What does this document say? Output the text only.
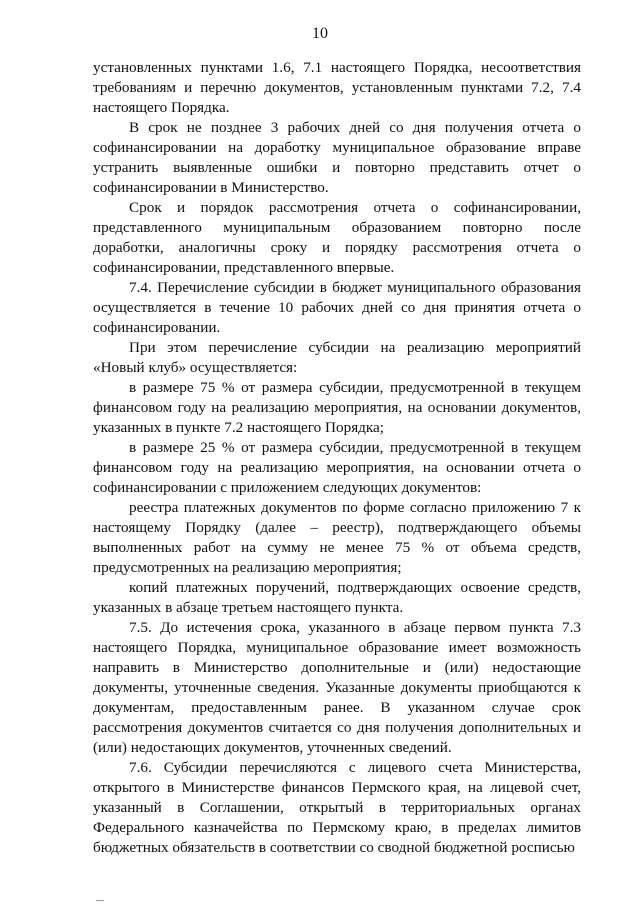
10

установленных пунктами 1.6, 7.1 настоящего Порядка, несоответствия требованиям и перечню документов, установленным пунктами 7.2, 7.4 настоящего Порядка.

В срок не позднее 3 рабочих дней со дня получения отчета о софинансировании на доработку муниципальное образование вправе устранить выявленные ошибки и повторно представить отчет о софинансировании в Министерство.

Срок и порядок рассмотрения отчета о софинансировании, представленного муниципальным образованием повторно после доработки, аналогичны сроку и порядку рассмотрения отчета о софинансировании, представленного впервые.

7.4. Перечисление субсидии в бюджет муниципального образования осуществляется в течение 10 рабочих дней со дня принятия отчета о софинансировании.

При этом перечисление субсидии на реализацию мероприятий «Новый клуб» осуществляется:

в размере 75 % от размера субсидии, предусмотренной в текущем финансовом году на реализацию мероприятия, на основании документов, указанных в пункте 7.2 настоящего Порядка;

в размере 25 % от размера субсидии, предусмотренной в текущем финансовом году на реализацию мероприятия, на основании отчета о софинансировании с приложением следующих документов:

реестра платежных документов по форме согласно приложению 7 к настоящему Порядку (далее – реестр), подтверждающего объемы выполненных работ на сумму не менее 75 % от объема средств, предусмотренных на реализацию мероприятия;

копий платежных поручений, подтверждающих освоение средств, указанных в абзаце третьем настоящего пункта.

7.5. До истечения срока, указанного в абзаце первом пункта 7.3 настоящего Порядка, муниципальное образование имеет возможность направить в Министерство дополнительные и (или) недостающие документы, уточненные сведения. Указанные документы приобщаются к документам, предоставленным ранее. В указанном случае срок рассмотрения документов считается со дня получения дополнительных и (или) недостающих документов, уточненных сведений.

7.6. Субсидии перечисляются с лицевого счета Министерства, открытого в Министерстве финансов Пермского края, на лицевой счет, указанный в Соглашении, открытый в территориальных органах Федерального казначейства по Пермскому краю, в пределах лимитов бюджетных обязательств в соответствии со сводной бюджетной росписью
